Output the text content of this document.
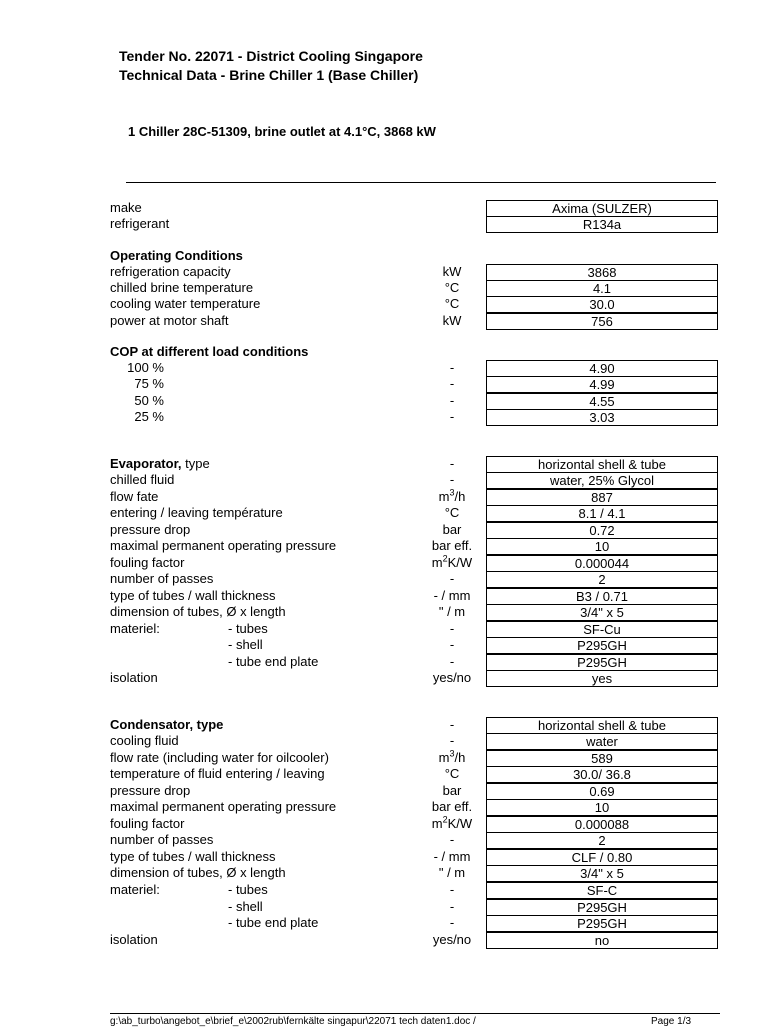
Tender No. 22071 - District Cooling Singapore
Technical Data - Brine Chiller 1 (Base Chiller)
1 Chiller 28C-51309, brine outlet at 4.1°C, 3868 kW
make	Axima (SULZER)
refrigerant	R134a
Operating Conditions
refrigeration capacity	kW	3868
chilled brine temperature	°C	4.1
cooling water temperature	°C	30.0
power at motor shaft	kW	756
COP at different load conditions
100 %	-	4.90
75 %	-	4.99
50 %	-	4.55
25 %	-	3.03
Evaporator, type	-	horizontal shell & tube
chilled fluid	-	water, 25% Glycol
flow fate	$m^3/h$	887
entering / leaving température	°C	8.1 / 4.1
pressure drop	bar	0.72
maximal permanent operating pressure	bar eff.	10
fouling factor	$m^2K/W$	0.000044
number of passes	-	2
type of tubes / wall thickness	- / mm	B3 / 0.71
dimension of tubes, Ø x length	" / m	3/4" x 5
materiel:	- tubes	-	SF-Cu
- shell	-	P295GH
- tube end plate	-	P295GH
isolation	yes/no	yes
Condensator, type	-	horizontal shell & tube
cooling fluid	-	water
flow rate (including water for oilcooler)	$m^3/h$	589
temperature of fluid entering / leaving	°C	30.0/ 36.8
pressure drop	bar	0.69
maximal permanent operating pressure	bar eff.	10
fouling factor	$m^2K/W$	0.000088
number of passes	-	2
type of tubes / wall thickness	- / mm	CLF / 0.80
dimension of tubes, Ø x length	" / m	3/4" x 5
materiel:	- tubes	-	SF-C
- shell	-	P295GH
- tube end plate	-	P295GH
isolation	yes/no	no
g:\ab_turbo\angebot_e\brief_e\2002rub\fernkälte singapur\22071 tech daten1.doc /	Page 1/3
